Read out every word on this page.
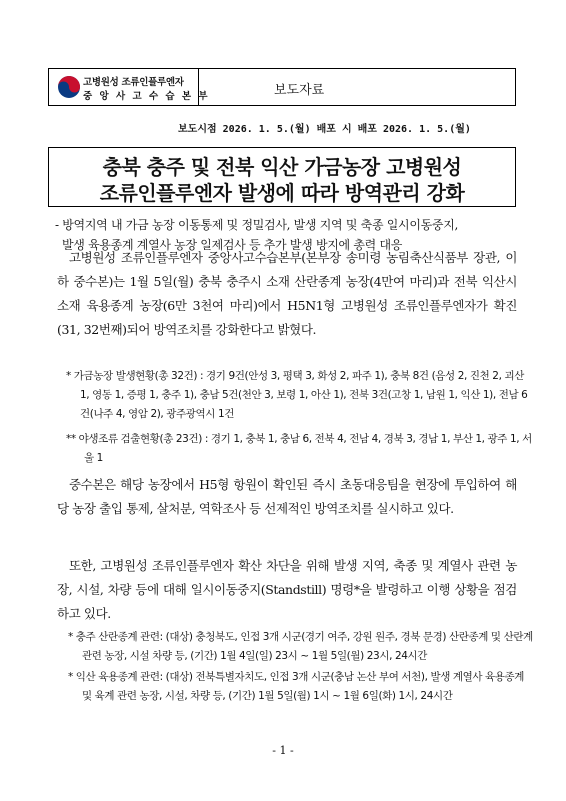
고병원성 조류인플루엔자
중 앙 사 고 수 습 본 부	보도자료
보도시점 2026. 1. 5.(월) 배포 시 배포 2026. 1. 5.(월)
충북 충주 및 전북 익산 가금농장 고병원성
조류인플루엔자 발생에 따라 방역관리 강화
- 방역지역 내 가금 농장 이동통제 및 정밀검사, 발생 지역 및 축종 일시이동중지,
발생 육용종계 계열사 농장 일제검사 등 추가 발생 방지에 총력 대응
고병원성 조류인플루엔자 중앙사고수습본부(본부장 송미령 농림축산식품부 장관, 이하 중수본)는 1월 5일(월) 충북 충주시 소재 산란종계 농장(4만여 마리)과 전북 익산시 소재 육용종계 농장(6만 3천여 마리)에서 H5N1형 고병원성 조류인플루엔자가 확진(31, 32번째)되어 방역조치를 강화한다고 밝혔다.
* 가금농장 발생현황(총 32건) : 경기 9건(안성 3, 평택 3, 화성 2, 파주 1), 충북 8건 (음성 2, 진천 2, 괴산 1, 영동 1, 증평 1, 충주 1), 충남 5건(천안 3, 보령 1, 아산 1), 전북 3건(고창 1, 남원 1, 익산 1), 전남 6건(나주 4, 영암 2), 광주광역시 1건
** 야생조류 검출현황(총 23건) : 경기 1, 충북 1, 충남 6, 전북 4, 전남 4, 경북 3, 경남 1, 부산 1, 광주 1, 서울 1
중수본은 해당 농장에서 H5형 항원이 확인된 즉시 초동대응팀을 현장에 투입하여 해당 농장 출입 통제, 살처분, 역학조사 등 선제적인 방역조치를 실시하고 있다.
또한, 고병원성 조류인플루엔자 확산 차단을 위해 발생 지역, 축종 및 계열사 관련 농장, 시설, 차량 등에 대해 일시이동중지(Standstill) 명령*을 발령하고 이행 상황을 점검하고 있다.
* 충주 산란종계 관련: (대상) 충청북도, 인접 3개 시군(경기 여주, 강원 원주, 경북 문경) 산란종계 및 산란계 관련 농장, 시설 차량 등, (기간) 1월 4일(일) 23시 ~ 1월 5일(월) 23시, 24시간
* 익산 육용종계 관련: (대상) 전북특별자치도, 인접 3개 시군(충남 논산 부여 서천), 발생 계열사 육용종계 및 육계 관련 농장, 시설, 차량 등, (기간) 1월 5일(월) 1시 ~ 1월 6일(화) 1시, 24시간
- 1 -
